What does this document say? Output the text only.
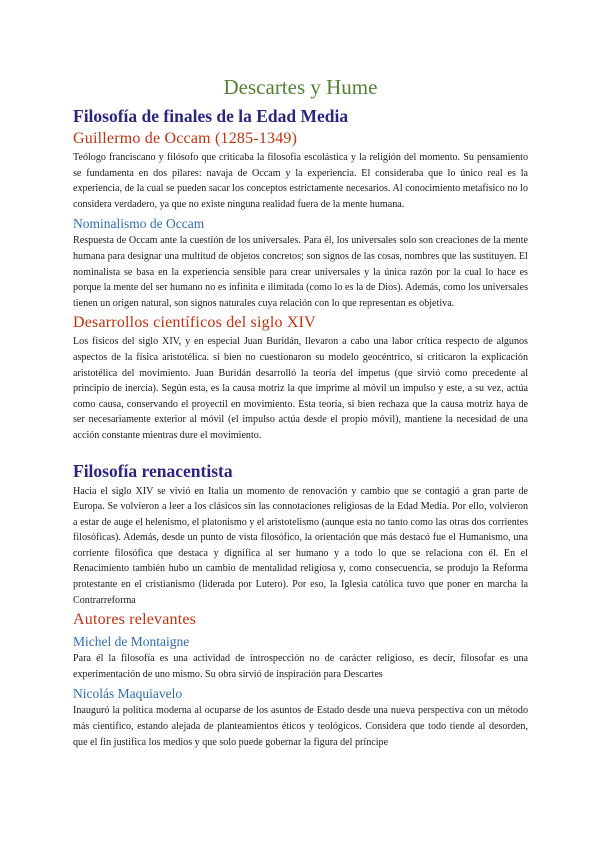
Descartes y Hume
Filosofía de finales de la Edad Media
Guillermo de Occam (1285-1349)

Teólogo franciscano y filósofo que criticaba la filosofía escolástica y la religión del momento. Su pensamiento se fundamenta en dos pilares: navaja de Occam y la experiencia. El consideraba que lo único real es la experiencia, de la cual se pueden sacar los conceptos estrictamente necesarios. Al conocimiento metafísico no lo considera verdadero, ya que no existe ninguna realidad fuera de la mente humana.

Nominalismo de Occam

Respuesta de Occam ante la cuestión de los universales. Para él, los universales solo son creaciones de la mente humana para designar una multitud de objetos concretos; son signos de las cosas, nombres que las sustituyen. El nominalista se basa en la experiencia sensible para crear universales y la única razón por la cual lo hace es porque la mente del ser humano no es infinita e ilimitada (como lo es la de Dios). Además, como los universales tienen un origen natural, son signos naturales cuya relación con lo que representan es objetiva.

Desarrollos científicos del siglo XIV

Los físicos del siglo XIV, y en especial Juan Buridán, llevaron a cabo una labor crítica respecto de algunos aspectos de la física aristotélica. si bien no cuestionaron su modelo geocéntrico, sí criticaron la explicación aristotélica del movimiento. Juan Buridán desarrolló la teoría del ímpetus (que sirvió como precedente al principio de inercia). Según esta, es la causa motriz la que imprime al móvil un impulso y este, a su vez, actúa como causa, conservando el proyectil en movimiento. Esta teoría, si bien rechaza que la causa motriz haya de ser necesariamente exterior al móvil (el impulso actúa desde el propio móvil), mantiene la necesidad de una acción constante mientras dure el movimiento.

Filosofía renacentista

Hacia el siglo XIV se vivió en Italia un momento de renovación y cambio que se contagió a gran parte de Europa. Se volvieron a leer a los clásicos sin las connotaciones religiosas de la Edad Media. Por ello, volvieron a estar de auge el helenismo, el platonismo y el aristotelismo (aunque esta no tanto como las otras dos corrientes filosóficas). Además, desde un punto de vista filosófico, la orientación que más destacó fue el Humanismo, una corriente filosófica que destaca y dignifica al ser humano y a todo lo que se relaciona con él. En el Renacimiento también hubo un cambio de mentalidad religiosa y, como consecuencia, se produjo la Reforma protestante en el cristianismo (liderada por Lutero). Por eso, la Iglesia católica tuvo que poner en marcha la Contrarreforma

Autores relevantes
Michel de Montaigne

Para él la filosofía es una actividad de introspección no de carácter religioso, es decir, filosofar es una experimentación de uno mismo. Su obra sirvió de inspiración para Descartes

Nicolás Maquiavelo

Inauguró la política moderna al ocuparse de los asuntos de Estado desde una nueva perspectiva con un método más científico, estando alejada de planteamientos éticos y teológicos. Considera que todo tiende al desorden, que el fin justifica los medios y que solo puede gobernar la figura del príncipe
